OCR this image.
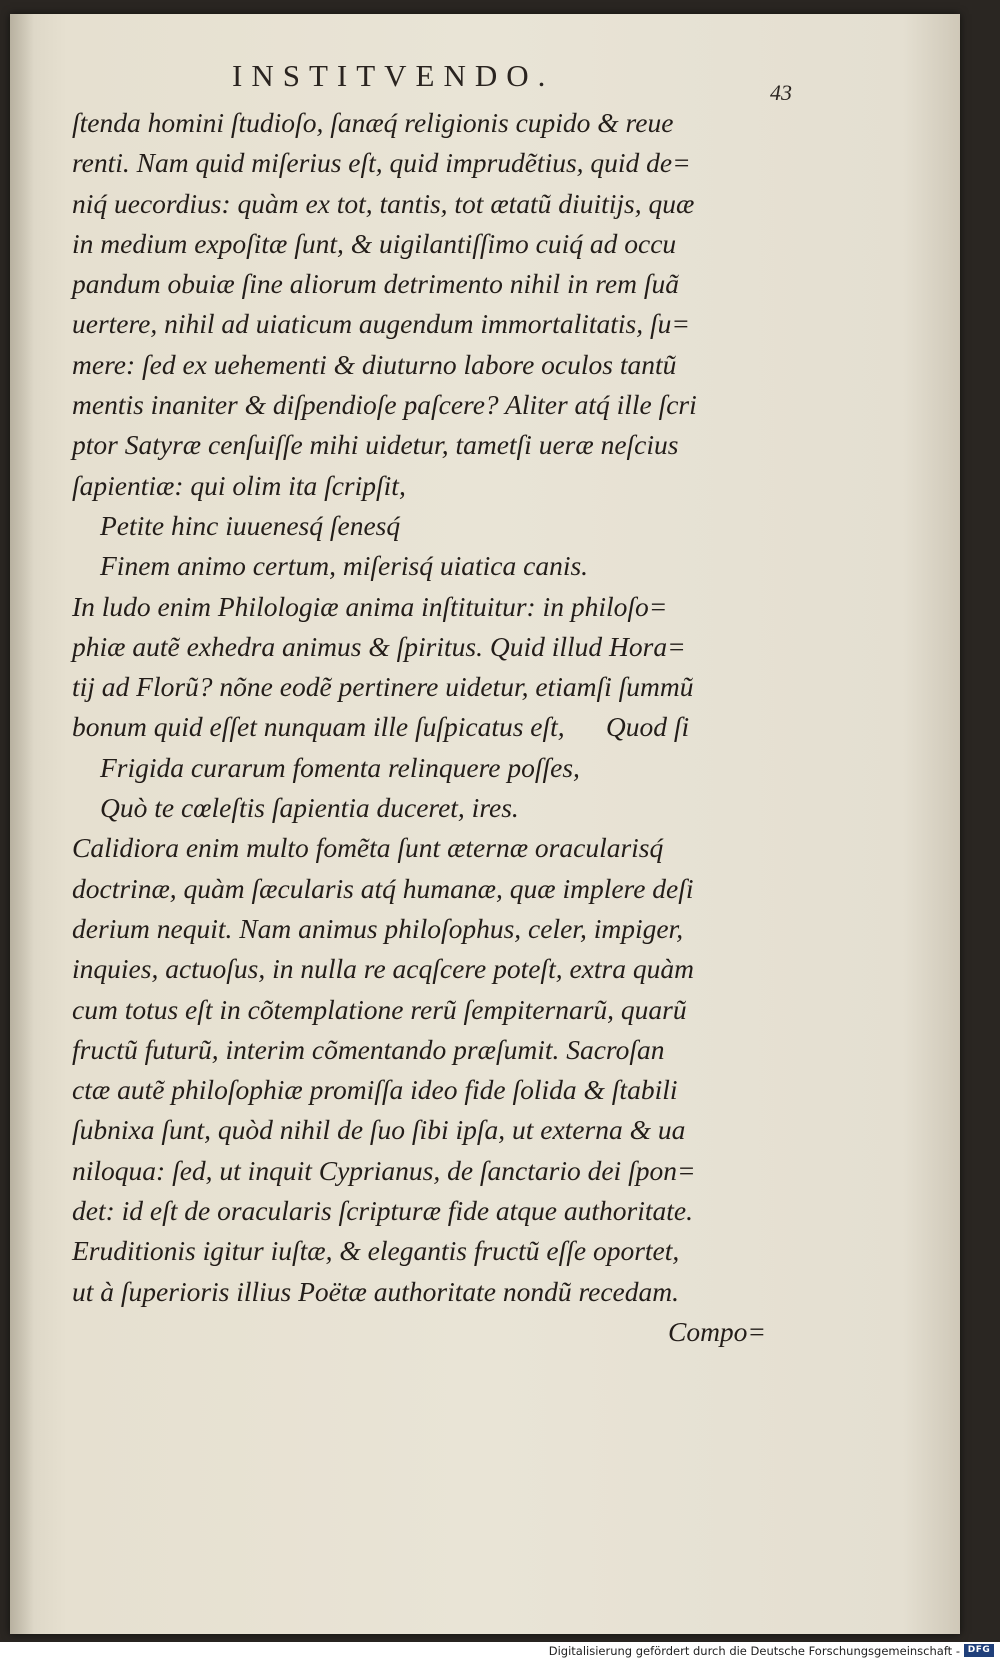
INSTITVENDO.	43
ſtenda homini ſtudioſo, ſanæq́ religionis cupido & reue
renti. Nam quid miſerius eſt, quid imprudẽtius, quid de=
niq́ uecordius: quàm ex tot, tantis, tot ætatũ diuitijs, quæ
in medium expoſitæ ſunt, & uigilantiſſimo cuiq́ ad occu
pandum obuiæ ſine aliorum detrimento nihil in rem ſuã
uertere, nihil ad uiaticum augendum immortalitatis, ſu=
mere: ſed ex uehementi & diuturno labore oculos tantũ
mentis inaniter & diſpendioſe paſcere? Aliter atq́ ille ſcri
ptor Satyræ cenſuiſſe mihi uidetur, tametſi ueræ neſcius
ſapientiæ: qui olim ita ſcripſit,
Petite hinc iuuenesq́ ſenesq́
Finem animo certum, miſerisq́ uiatica canis.
In ludo enim Philologiæ anima inſtituitur: in philoſo=
phiæ autẽ exhedra animus & ſpiritus. Quid illud Hora=
tij ad Florũ? nõne eodẽ pertinere uidetur, etiamſi ſummũ
bonum quid eſſet nunquam ille ſuſpicatus eſt,      Quod ſi
Frigida curarum fomenta relinquere poſſes,
Quò te cœleſtis ſapientia duceret, ires.
Calidiora enim multo fomẽta ſunt æternæ oracularisq́
doctrinæ, quàm ſæcularis atq́ humanæ, quæ implere deſi
derium nequit. Nam animus philoſophus, celer, impiger,
inquies, actuoſus, in nulla re acqſcere poteſt, extra quàm
cum totus eſt in cõtemplatione rerũ ſempiternarũ, quarũ
fructũ futurũ, interim cõmentando præſumit. Sacroſan
ctæ autẽ philoſophiæ promiſſa ideo fide ſolida & ſtabili
ſubnixa ſunt, quòd nihil de ſuo ſibi ipſa, ut externa & ua
niloqua: ſed, ut inquit Cyprianus, de ſanctario dei ſpon=
det: id eſt de oracularis ſcripturæ fide atque authoritate.
Eruditionis igitur iuſtæ, & elegantis fructũ eſſe oportet,
ut à ſuperioris illius Poëtæ authoritate nondũ recedam.
Compo=
Digitalisierung gefördert durch die Deutsche Forschungsgemeinschaft - DFG
